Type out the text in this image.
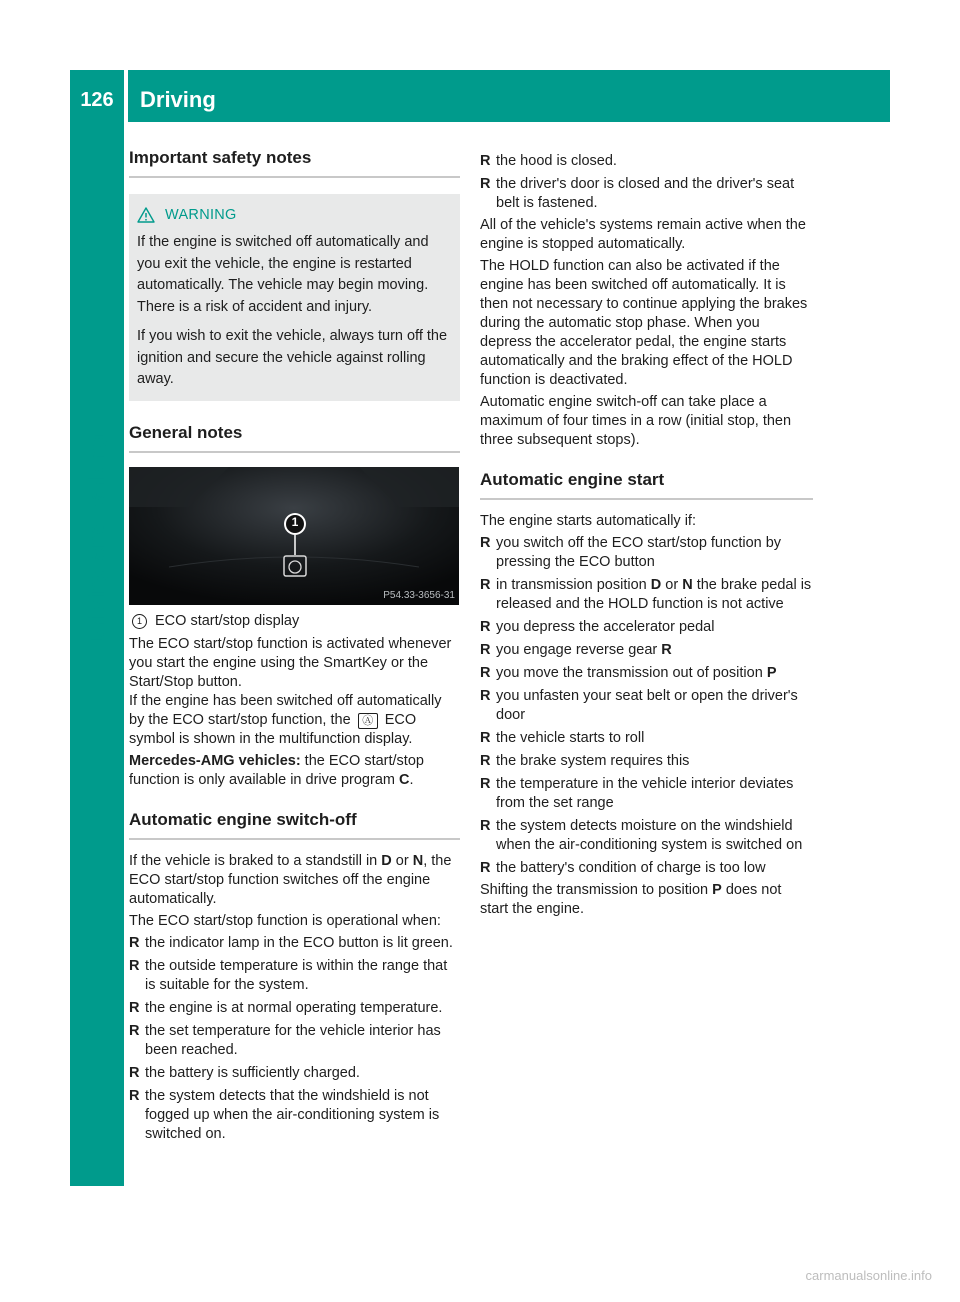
126	Driving
Driving and parking
Important safety notes
WARNING

If the engine is switched off automatically and you exit the vehicle, the engine is restarted automatically. The vehicle may begin moving. There is a risk of accident and injury.

If you wish to exit the vehicle, always turn off the ignition and secure the vehicle against rolling away.

General notes
1
P54.33-3656-31
1 ECO start/stop display

The ECO start/stop function is activated whenever you start the engine using the SmartKey or the Start/Stop button.

If the engine has been switched off automatically by the ECO start/stop function, the Ⓐ ECO symbol is shown in the multifunction display.

Mercedes-AMG vehicles: the ECO start/stop function is only available in drive program C.

Automatic engine switch-off

If the vehicle is braked to a standstill in D or N, the ECO start/stop function switches off the engine automatically.

The ECO start/stop function is operational when:

R the indicator lamp in the ECO button is lit green.
R the outside temperature is within the range that is suitable for the system.
R the engine is at normal operating temperature.
R the set temperature for the vehicle interior has been reached.
R the battery is sufficiently charged.
R the system detects that the windshield is not fogged up when the air-conditioning system is switched on.
R the hood is closed.
R the driver's door is closed and the driver's seat belt is fastened.

All of the vehicle's systems remain active when the engine is stopped automatically.

The HOLD function can also be activated if the engine has been switched off automatically. It is then not necessary to continue applying the brakes during the automatic stop phase. When you depress the accelerator pedal, the engine starts automatically and the braking effect of the HOLD function is deactivated.

Automatic engine switch-off can take place a maximum of four times in a row (initial stop, then three subsequent stops).

Automatic engine start

The engine starts automatically if:

R you switch off the ECO start/stop function by pressing the ECO button
R in transmission position D or N the brake pedal is released and the HOLD function is not active
R you depress the accelerator pedal
R you engage reverse gear R
R you move the transmission out of position P
R you unfasten your seat belt or open the driver's door
R the vehicle starts to roll
R the brake system requires this
R the temperature in the vehicle interior deviates from the set range
R the system detects moisture on the windshield when the air-conditioning system is switched on
R the battery's condition of charge is too low

Shifting the transmission to position P does not start the engine.

carmanualsonline.info
